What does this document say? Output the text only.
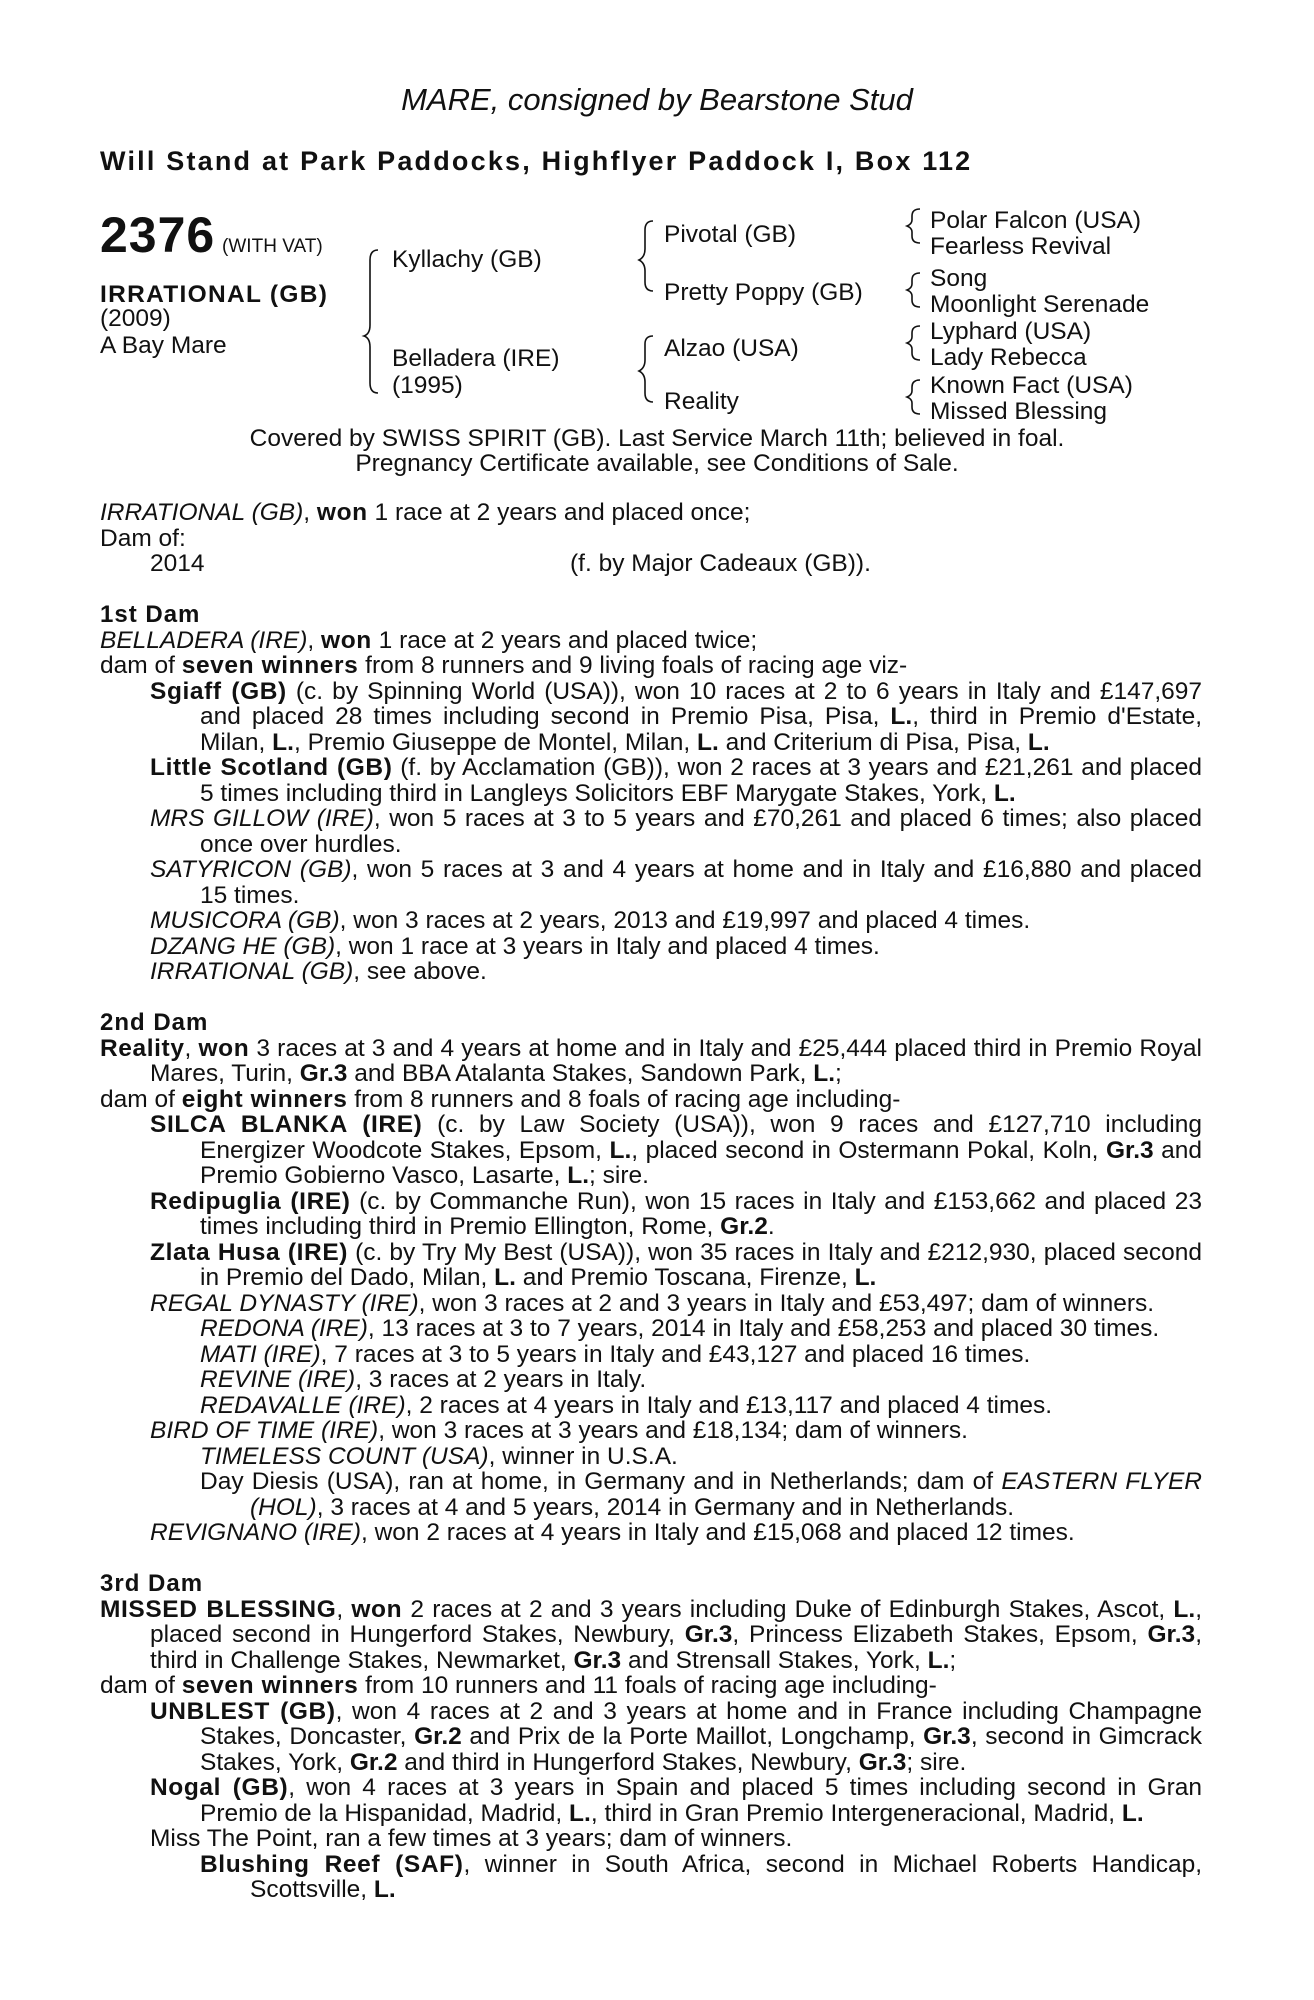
MARE, consigned by Bearstone Stud
Will Stand at Park Paddocks, Highflyer Paddock I, Box 112
2376 (WITH VAT)
IRRATIONAL (GB)
(2009)
A Bay Mare
Kyllachy (GB)
Belladera (IRE)
(1995)
Pivotal (GB)
Pretty Poppy (GB)
Alzao (USA)
Reality
Polar Falcon (USA)
Fearless Revival
Song
Moonlight Serenade
Lyphard (USA)
Lady Rebecca
Known Fact (USA)
Missed Blessing
Covered by SWISS SPIRIT (GB). Last Service March 11th; believed in foal.
Pregnancy Certificate available, see Conditions of Sale.

IRRATIONAL (GB), won 1 race at 2 years and placed once;

Dam of:

2014	(f. by Major Cadeaux (GB)).

1st Dam

BELLADERA (IRE), won 1 race at 2 years and placed twice;

dam of seven winners from 8 runners and 9 living foals of racing age viz-

Sgiaff (GB) (c. by Spinning World (USA)), won 10 races at 2 to 6 years in Italy and £147,697 and placed 28 times including second in Premio Pisa, Pisa, L., third in Premio d'Estate, Milan, L., Premio Giuseppe de Montel, Milan, L. and Criterium di Pisa, Pisa, L.

Little Scotland (GB) (f. by Acclamation (GB)), won 2 races at 3 years and £21,261 and placed 5 times including third in Langleys Solicitors EBF Marygate Stakes, York, L.

MRS GILLOW (IRE), won 5 races at 3 to 5 years and £70,261 and placed 6 times; also placed once over hurdles.

SATYRICON (GB), won 5 races at 3 and 4 years at home and in Italy and £16,880 and placed 15 times.

MUSICORA (GB), won 3 races at 2 years, 2013 and £19,997 and placed 4 times.

DZANG HE (GB), won 1 race at 3 years in Italy and placed 4 times.

IRRATIONAL (GB), see above.

2nd Dam

Reality, won 3 races at 3 and 4 years at home and in Italy and £25,444 placed third in Premio Royal Mares, Turin, Gr.3 and BBA Atalanta Stakes, Sandown Park, L.;

dam of eight winners from 8 runners and 8 foals of racing age including-

SILCA BLANKA (IRE) (c. by Law Society (USA)), won 9 races and £127,710 including Energizer Woodcote Stakes, Epsom, L., placed second in Ostermann Pokal, Koln, Gr.3 and Premio Gobierno Vasco, Lasarte, L.; sire.

Redipuglia (IRE) (c. by Commanche Run), won 15 races in Italy and £153,662 and placed 23 times including third in Premio Ellington, Rome, Gr.2.

Zlata Husa (IRE) (c. by Try My Best (USA)), won 35 races in Italy and £212,930, placed second in Premio del Dado, Milan, L. and Premio Toscana, Firenze, L.

REGAL DYNASTY (IRE), won 3 races at 2 and 3 years in Italy and £53,497; dam of winners.

REDONA (IRE), 13 races at 3 to 7 years, 2014 in Italy and £58,253 and placed 30 times.

MATI (IRE), 7 races at 3 to 5 years in Italy and £43,127 and placed 16 times.

REVINE (IRE), 3 races at 2 years in Italy.

REDAVALLE (IRE), 2 races at 4 years in Italy and £13,117 and placed 4 times.

BIRD OF TIME (IRE), won 3 races at 3 years and £18,134; dam of winners.

TIMELESS COUNT (USA), winner in U.S.A.

Day Diesis (USA), ran at home, in Germany and in Netherlands; dam of EASTERN FLYER (HOL), 3 races at 4 and 5 years, 2014 in Germany and in Netherlands.

REVIGNANO (IRE), won 2 races at 4 years in Italy and £15,068 and placed 12 times.

3rd Dam

MISSED BLESSING, won 2 races at 2 and 3 years including Duke of Edinburgh Stakes, Ascot, L., placed second in Hungerford Stakes, Newbury, Gr.3, Princess Elizabeth Stakes, Epsom, Gr.3, third in Challenge Stakes, Newmarket, Gr.3 and Strensall Stakes, York, L.;

dam of seven winners from 10 runners and 11 foals of racing age including-

UNBLEST (GB), won 4 races at 2 and 3 years at home and in France including Champagne Stakes, Doncaster, Gr.2 and Prix de la Porte Maillot, Longchamp, Gr.3, second in Gimcrack Stakes, York, Gr.2 and third in Hungerford Stakes, Newbury, Gr.3; sire.

Nogal (GB), won 4 races at 3 years in Spain and placed 5 times including second in Gran Premio de la Hispanidad, Madrid, L., third in Gran Premio Intergeneracional, Madrid, L.

Miss The Point, ran a few times at 3 years; dam of winners.

Blushing Reef (SAF), winner in South Africa, second in Michael Roberts Handicap, Scottsville, L.
